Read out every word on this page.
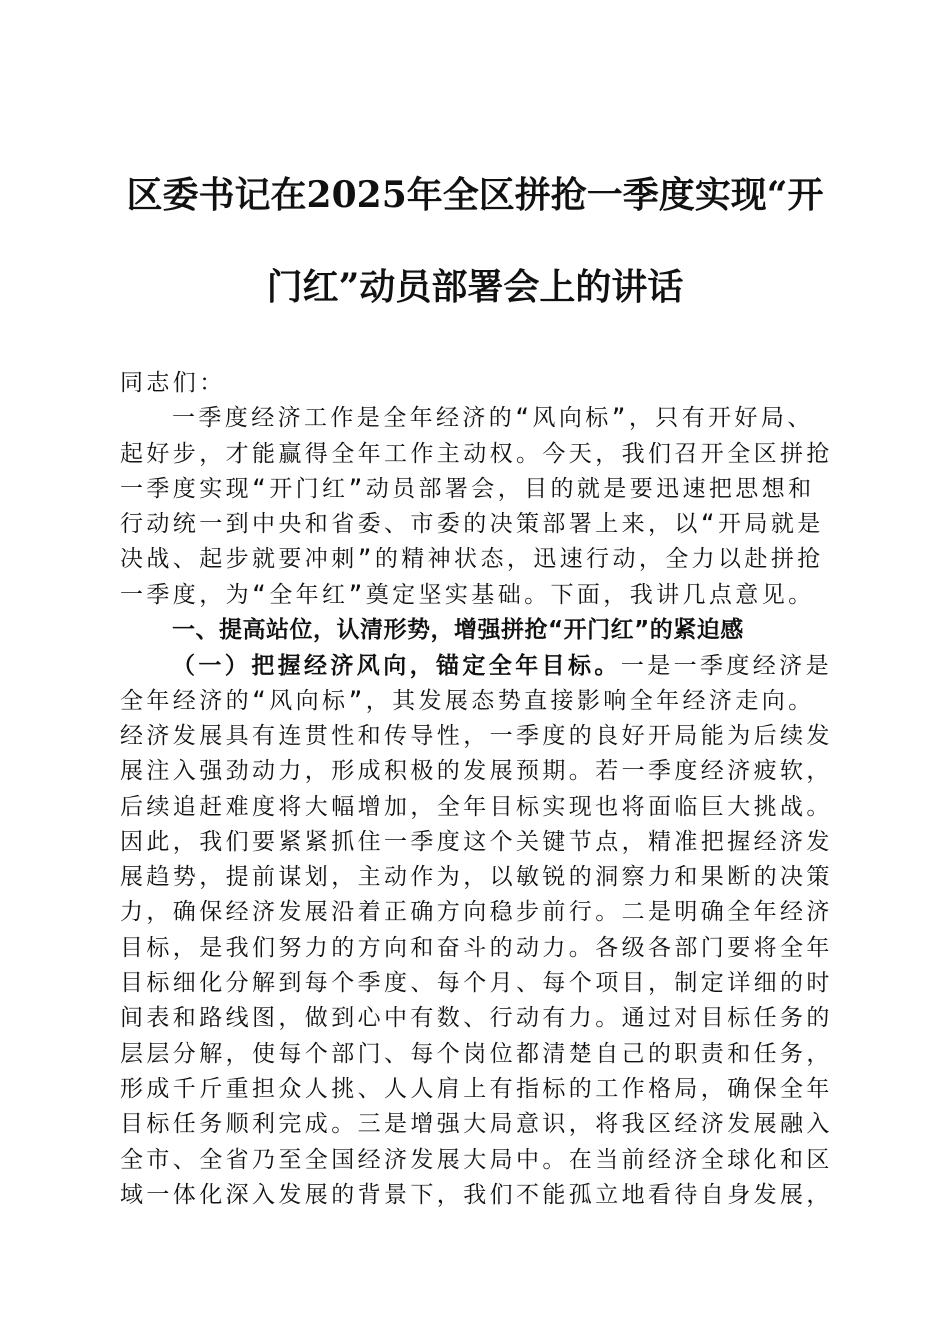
区委书记在2025年全区拼抢一季度实现“开
门红”动员部署会上的讲话
同志们：
一季度经济工作是全年经济的“风向标”，只有开好局、
起好步，才能赢得全年工作主动权。今天，我们召开全区拼抢
一季度实现“开门红”动员部署会，目的就是要迅速把思想和
行动统一到中央和省委、市委的决策部署上来，以“开局就是
决战、起步就要冲刺”的精神状态，迅速行动，全力以赴拼抢
一季度，为“全年红”奠定坚实基础。下面，我讲几点意见。
一、提高站位，认清形势，增强拼抢“开门红”的紧迫感
（一）把握经济风向，锚定全年目标。一是一季度经济是
全年经济的“风向标”，其发展态势直接影响全年经济走向。
经济发展具有连贯性和传导性，一季度的良好开局能为后续发
展注入强劲动力，形成积极的发展预期。若一季度经济疲软，
后续追赶难度将大幅增加，全年目标实现也将面临巨大挑战。
因此，我们要紧紧抓住一季度这个关键节点，精准把握经济发
展趋势，提前谋划，主动作为，以敏锐的洞察力和果断的决策
力，确保经济发展沿着正确方向稳步前行。二是明确全年经济
目标，是我们努力的方向和奋斗的动力。各级各部门要将全年
目标细化分解到每个季度、每个月、每个项目，制定详细的时
间表和路线图，做到心中有数、行动有力。通过对目标任务的
层层分解，使每个部门、每个岗位都清楚自己的职责和任务，
形成千斤重担众人挑、人人肩上有指标的工作格局，确保全年
目标任务顺利完成。三是增强大局意识，将我区经济发展融入
全市、全省乃至全国经济发展大局中。在当前经济全球化和区
域一体化深入发展的背景下，我们不能孤立地看待自身发展，
